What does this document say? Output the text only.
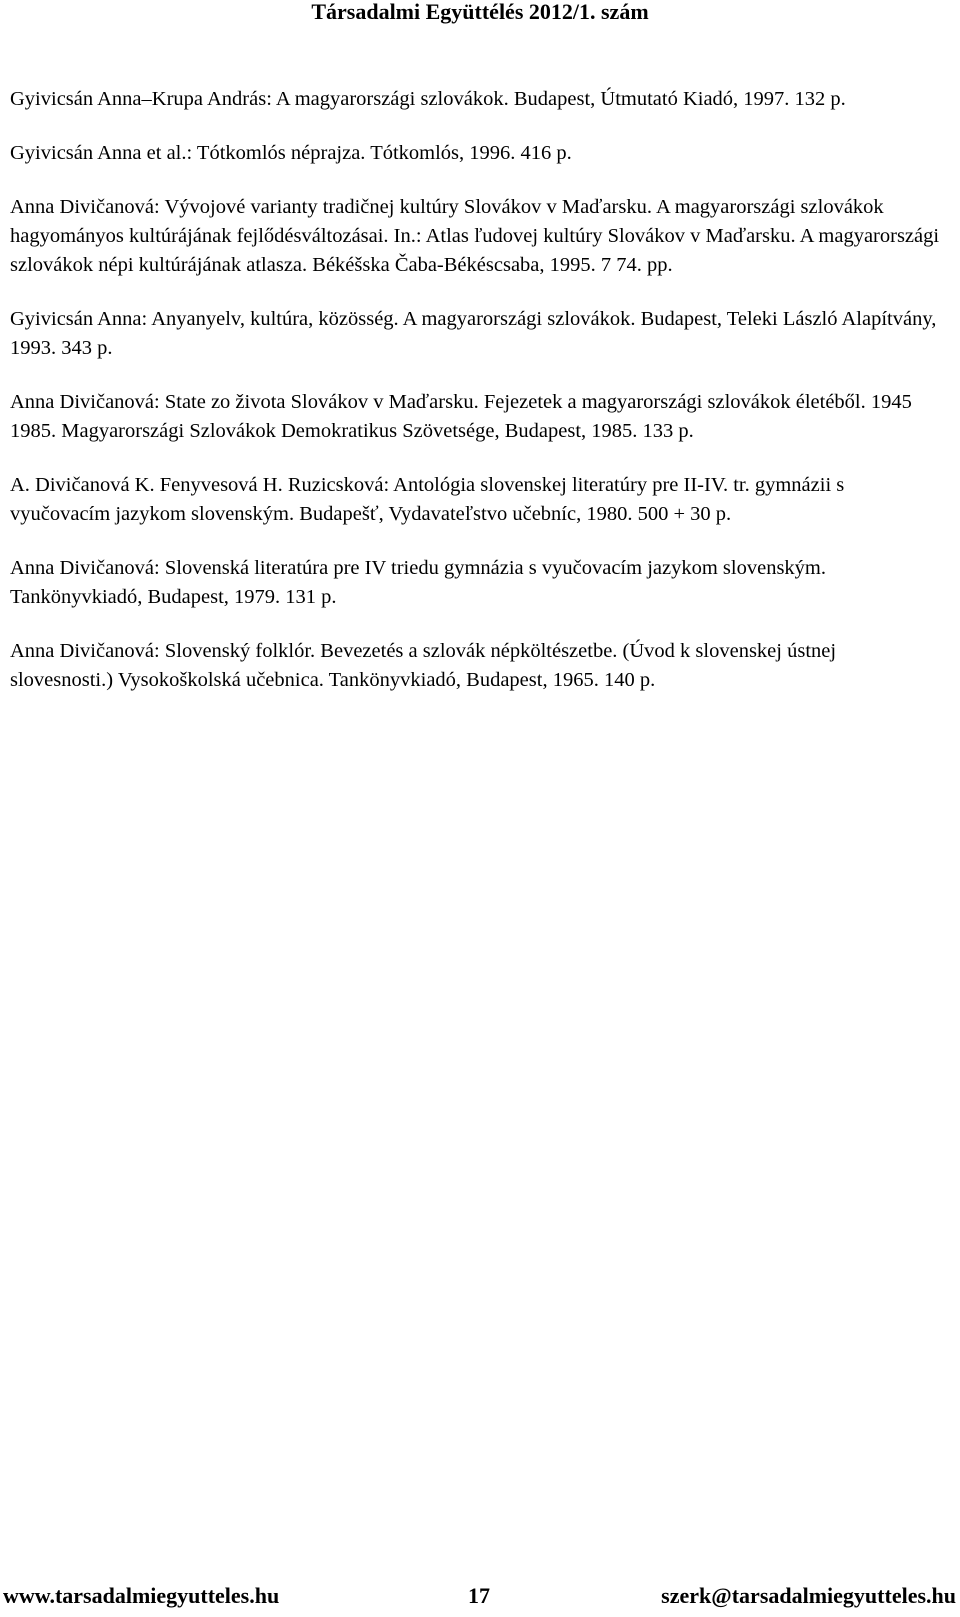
Társadalmi Együttélés 2012/1. szám
Gyivicsán Anna–Krupa András: A magyarországi szlovákok. Budapest, Útmutató Kiadó, 1997. 132 p.
Gyivicsán Anna et al.: Tótkomlós néprajza. Tótkomlós, 1996. 416 p.
Anna Divičanová: Vývojové varianty tradičnej kultúry Slovákov v Maďarsku. A magyarországi szlovákok hagyományos kultúrájának fejlődésváltozásai. In.: Atlas ľudovej kultúry Slovákov v Maďarsku. A magyarországi szlovákok népi kultúrájának atlasza. Békéšska Čaba-Békéscsaba, 1995. 7 74. pp.
Gyivicsán Anna: Anyanyelv, kultúra, közösség. A magyarországi szlovákok. Budapest, Teleki László Alapítvány, 1993. 343 p.
Anna Divičanová: State zo života Slovákov v Maďarsku. Fejezetek a magyarországi szlovákok életéből. 1945 1985. Magyarországi Szlovákok Demokratikus Szövetsége, Budapest, 1985. 133 p.
A. Divičanová K. Fenyvesová H. Ruzicsková: Antológia slovenskej literatúry pre II-IV. tr. gymnázii s vyučovacím jazykom slovenským. Budapešť, Vydavateľstvo učebníc, 1980. 500 + 30 p.
Anna Divičanová: Slovenská literatúra pre IV triedu gymnázia s vyučovacím jazykom slovenským. Tankönyvkiadó, Budapest, 1979. 131 p.
Anna Divičanová: Slovenský folklór. Bevezetés a szlovák népköltészetbe. (Úvod k slovenskej ústnej slovesnosti.) Vysokoškolská učebnica. Tankönyvkiadó, Budapest, 1965. 140 p.
www.tarsadalmiegyutteles.hu	17	szerk@tarsadalmiegyutteles.hu
